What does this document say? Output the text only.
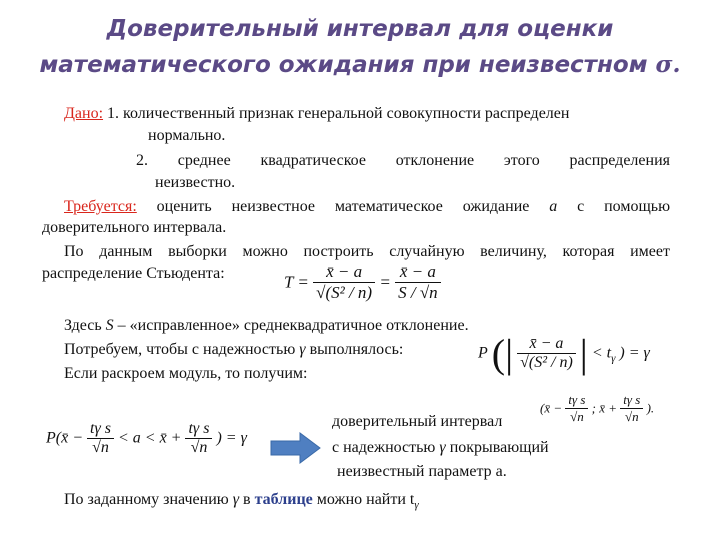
Доверительный интервал для оценки
математического ожидания при неизвестном σ.
Дано: 1. количественный признак генеральной совокупности распределен
нормально.
2. среднее квадратическое отклонение этого распределения
неизвестно.
Требуется: оценить неизвестное математическое ожидание a с помощью
доверительного интервала.
По данным выборки можно построить случайную величину, которая имеет
распределение Стьюдента:	$T = \frac{x̄ - a}{\text{√(S² / n)}} = \frac{x̄ - a}{S / √n}$
Здесь S – «исправленное» среднеквадратичное отклонение.
Потребуем, чтобы с надежностью γ выполнялось:	P (| $\frac{x̄ - a}{\text{√(S² / n)}}$ | < $t_\gamma$ ) = γ
Если раскроем модуль, то получим:
P(x̄ − $\frac{\text{tγ s}}{√n} < a$ < x̄ + $\frac{\text{tγ s}}{√n}$ ) = γ
(x̄ − $\frac{\text{tγ s}}{√n}$ ; x̄ + $\frac{\text{tγ s}}{√n}$ ).
доверительный интервал
с надежностью γ покрывающий
неизвестный параметр a.
По заданному значению γ в таблице можно найти $t_\gamma$
